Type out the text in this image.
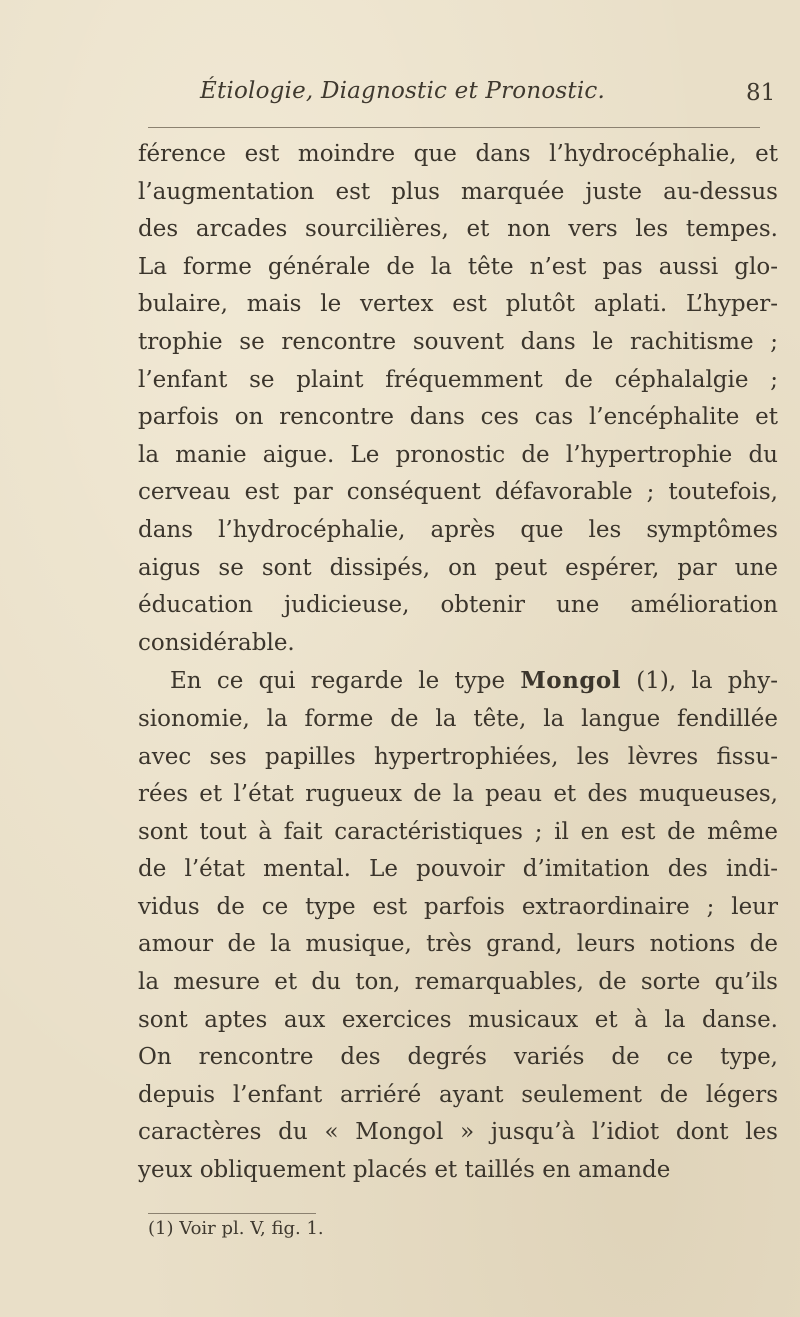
Étiologie, Diagnostic et Pronostic.	81
férence est moindre que dans l’hydrocéphalie, et
l’augmentation est plus marquée juste au-dessus
des arcades sourcilières, et non vers les tempes.
La forme générale de la tête n’est pas aussi glo-
bulaire, mais le vertex est plutôt aplati. L’hyper-
trophie se rencontre souvent dans le rachitisme ;
l’enfant se plaint fréquemment de céphalalgie ;
parfois on rencontre dans ces cas l’encéphalite et
la manie aigue. Le pronostic de l’hypertrophie du
cerveau est par conséquent défavorable ; toutefois,
dans l’hydrocéphalie, après que les symptômes
aigus se sont dissipés, on peut espérer, par une
éducation judicieuse, obtenir une amélioration
considérable.
En ce qui regarde le type Mongol (1), la phy-
sionomie, la forme de la tête, la langue fendillée
avec ses papilles hypertrophiées, les lèvres fissu-
rées et l’état rugueux de la peau et des muqueuses,
sont tout à fait caractéristiques ; il en est de même
de l’état mental. Le pouvoir d’imitation des indi-
vidus de ce type est parfois extraordinaire ; leur
amour de la musique, très grand, leurs notions de
la mesure et du ton, remarquables, de sorte qu’ils
sont aptes aux exercices musicaux et à la danse.
On rencontre des degrés variés de ce type,
depuis l’enfant arriéré ayant seulement de légers
caractères du « Mongol » jusqu’à l’idiot dont les
yeux obliquement placés et taillés en amande
(1) Voir pl. V, fig. 1.
